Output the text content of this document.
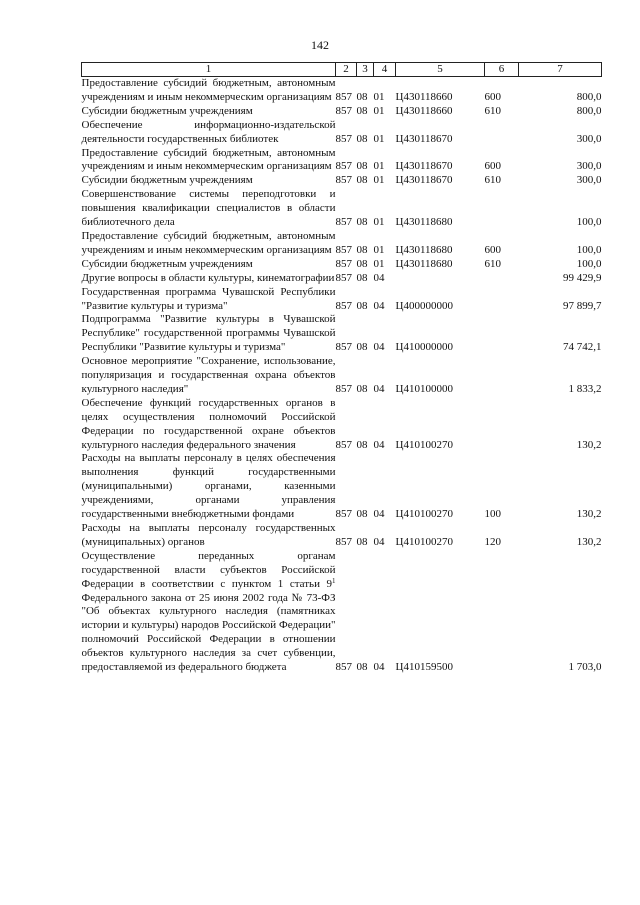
142
1	2	3	4	5	6	7
Предоставление субсидий бюджетным, автономным учреждениям и иным некоммерческим организациям	857	08	01	Ц430118660	600	800,0
Субсидии бюджетным учреждениям	857	08	01	Ц430118660	610	800,0
Обеспечение информационно-издательской деятельности государственных библиотек	857	08	01	Ц430118670		300,0
Предоставление субсидий бюджетным, автономным учреждениям и иным некоммерческим организациям	857	08	01	Ц430118670	600	300,0
Субсидии бюджетным учреждениям	857	08	01	Ц430118670	610	300,0
Совершенствование системы переподготовки и повышения квалификации специалистов в области библиотечного дела	857	08	01	Ц430118680		100,0
Предоставление субсидий бюджетным, автономным учреждениям и иным некоммерческим организациям	857	08	01	Ц430118680	600	100,0
Субсидии бюджетным учреждениям	857	08	01	Ц430118680	610	100,0
Другие вопросы в области культуры, кинематографии	857	08	04			99 429,9
Государственная программа Чувашской Республики "Развитие культуры и туризма"	857	08	04	Ц400000000		97 899,7
Подпрограмма "Развитие культуры в Чувашской Республике" государственной программы Чувашской Республики "Развитие культуры и туризма"	857	08	04	Ц410000000		74 742,1
Основное мероприятие "Сохранение, использование, популяризация и государственная охрана объектов культурного наследия"	857	08	04	Ц410100000		1 833,2
Обеспечение функций государственных органов в целях осуществления полномочий Российской Федерации по государственной охране объектов культурного наследия федерального значения	857	08	04	Ц410100270		130,2
Расходы на выплаты персоналу в целях обеспечения выполнения функций государственными (муниципальными) органами, казенными учреждениями, органами управления государственными внебюджетными фондами	857	08	04	Ц410100270	100	130,2
Расходы на выплаты персоналу государственных (муниципальных) органов	857	08	04	Ц410100270	120	130,2
Осуществление переданных органам государственной власти субъектов Российской Федерации в соответствии с пунктом 1 статьи $9^1$ Федерального закона от 25 июня 2002 года № 73-ФЗ "Об объектах культурного наследия (памятниках истории и культуры) народов Российской Федерации" полномочий Российской Федерации в отношении объектов культурного наследия за счет субвенции, предоставляемой из федерального бюджета	857	08	04	Ц410159500		1 703,0
